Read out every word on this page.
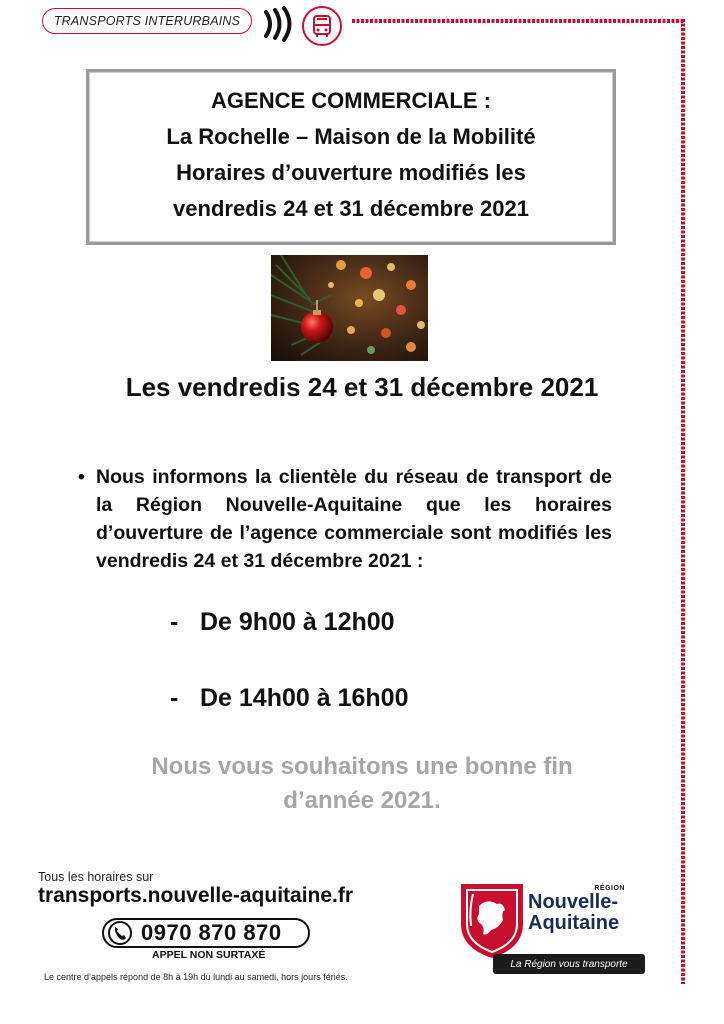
TRANSPORTS INTERURBAINS
AGENCE COMMERCIALE :
La Rochelle – Maison de la Mobilité
Horaires d’ouverture modifiés les
vendredis 24 et 31 décembre 2021
Les vendredis 24 et 31 décembre 2021
• Nous informons la clientèle du réseau de transport de la Région Nouvelle-Aquitaine que les horaires d’ouverture de l’agence commerciale sont modifiés les vendredis 24 et 31 décembre 2021 :
- De 9h00 à 12h00
- De 14h00 à 16h00
Nous vous souhaitons une bonne fin
d’année 2021.
Tous les horaires sur
transports.nouvelle-aquitaine.fr
0970 870 870
APPEL NON SURTAXÉ
Le centre d’appels répond de 8h à 19h du lundi au samedi, hors jours fériés.
RÉGION
Nouvelle-
Aquitaine
La Région vous transporte
